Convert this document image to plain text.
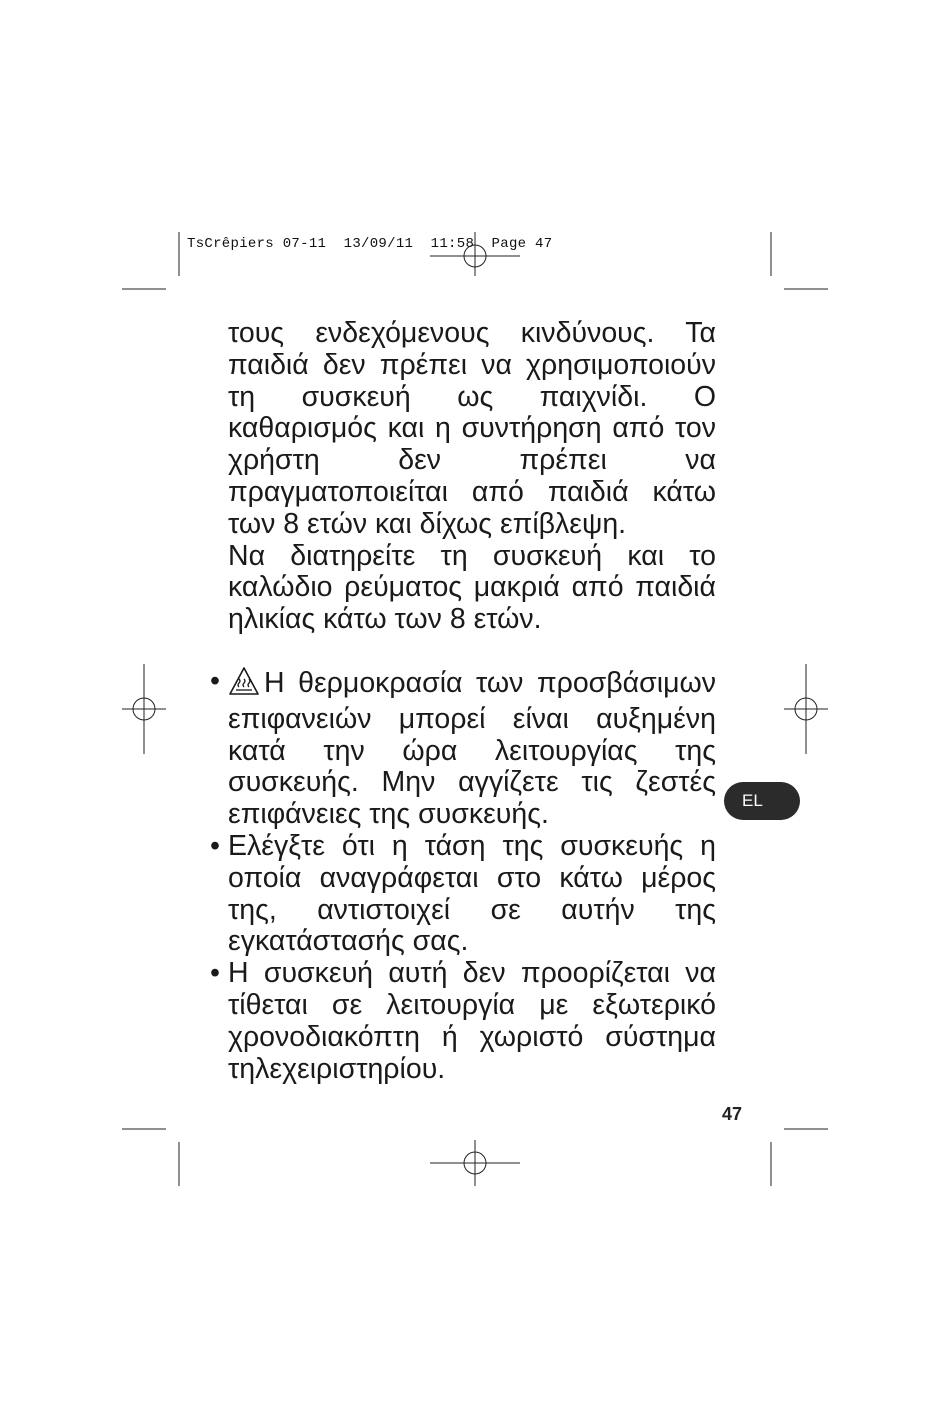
TsCrêpiers 07-11  13/09/11  11:58  Page 47

τους ενδεχόμενους κινδύνους. Τα παιδιά δεν πρέπει να χρησιμοποιούν τη συσκευή ως παιχνίδι. Ο καθαρισμός και η συντήρηση από τον χρήστη δεν πρέπει να πραγματοποιείται από παιδιά κάτω των 8 ετών και δίχως επίβλεψη.

Να διατηρείτε τη συσκευή και το καλώδιο ρεύματος μακριά από παιδιά ηλικίας κάτω των 8 ετών.

• Η θερμοκρασία των προσβάσιμων επιφανειών μπορεί είναι αυξημένη κατά την ώρα λειτουργίας της συσκευής. Μην αγγίζετε τις ζεστές επιφάνειες της συσκευής.
• Ελέγξτε ότι η τάση της συσκευής η οποία αναγράφεται στο κάτω μέρος της, αντιστοιχεί σε αυτήν της εγκατάστασής σας.
• Η συσκευή αυτή δεν προορίζεται να τίθεται σε λειτουργία με εξωτερικό χρονοδιακόπτη ή χωριστό σύστημα τηλεχειριστηρίου.
EL
47
